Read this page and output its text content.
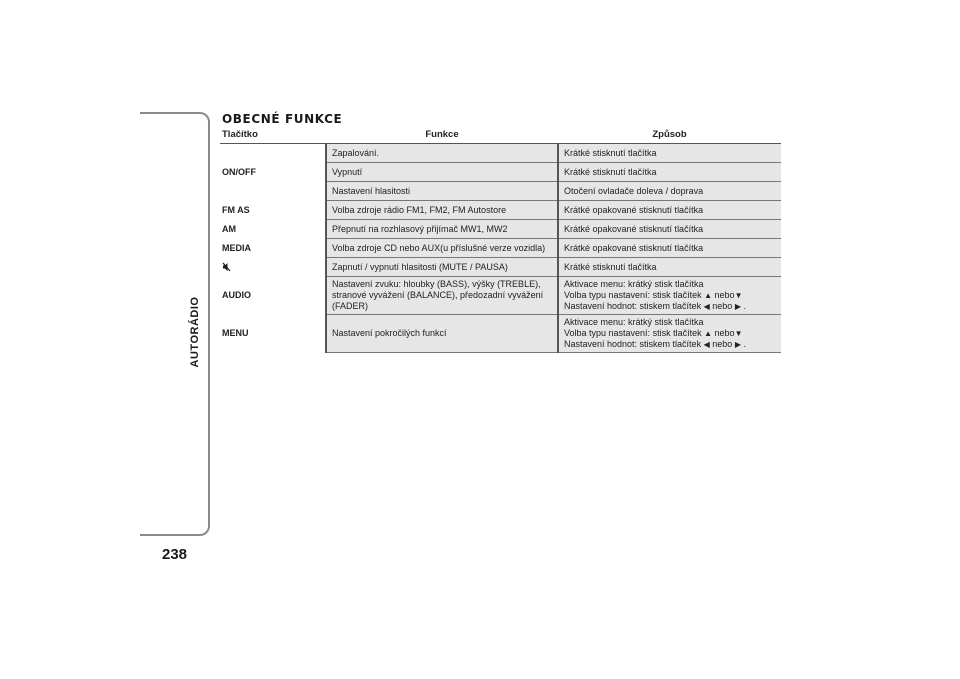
AUTORÁDIO
238
OBECNÉ FUNKCE
Tlačítko	Funkce	Způsob
ON/OFF	Zapalování.	Krátké stisknutí tlačítka
	Vypnutí	Krátké stisknutí tlačítka
	Nastavení hlasitosti	Otočení ovladače doleva / doprava
FM AS	Volba zdroje rádio FM1, FM2, FM Autostore	Krátké opakované stisknutí tlačítka
AM	Přepnutí na rozhlasový přijímač MW1, MW2	Krátké opakované stisknutí tlačítka
MEDIA	Volba zdroje CD nebo AUX(u příslušné verze vozidla)	Krátké opakované stisknutí tlačítka
	Zapnutí / vypnutí hlasitosti (MUTE / PAUSA)	Krátké stisknutí tlačítka
AUDIO	Nastavení zvuku: hloubky (BASS), výšky (TREBLE), stranové vyvážení (BALANCE), předozadní vyvážení (FADER)	Aktivace menu: krátký stisk tlačítka
Volba typu nastavení: stisk tlačítek ▲ nebo▼
Nastavení hodnot: stiskem tlačítek ◀ nebo ▶ .

MENU	Nastavení pokročilých funkcí	Aktivace menu: krátký stisk tlačítka
Volba typu nastavení: stisk tlačítek ▲ nebo▼
Nastavení hodnot: stiskem tlačítek ◀ nebo ▶ .
